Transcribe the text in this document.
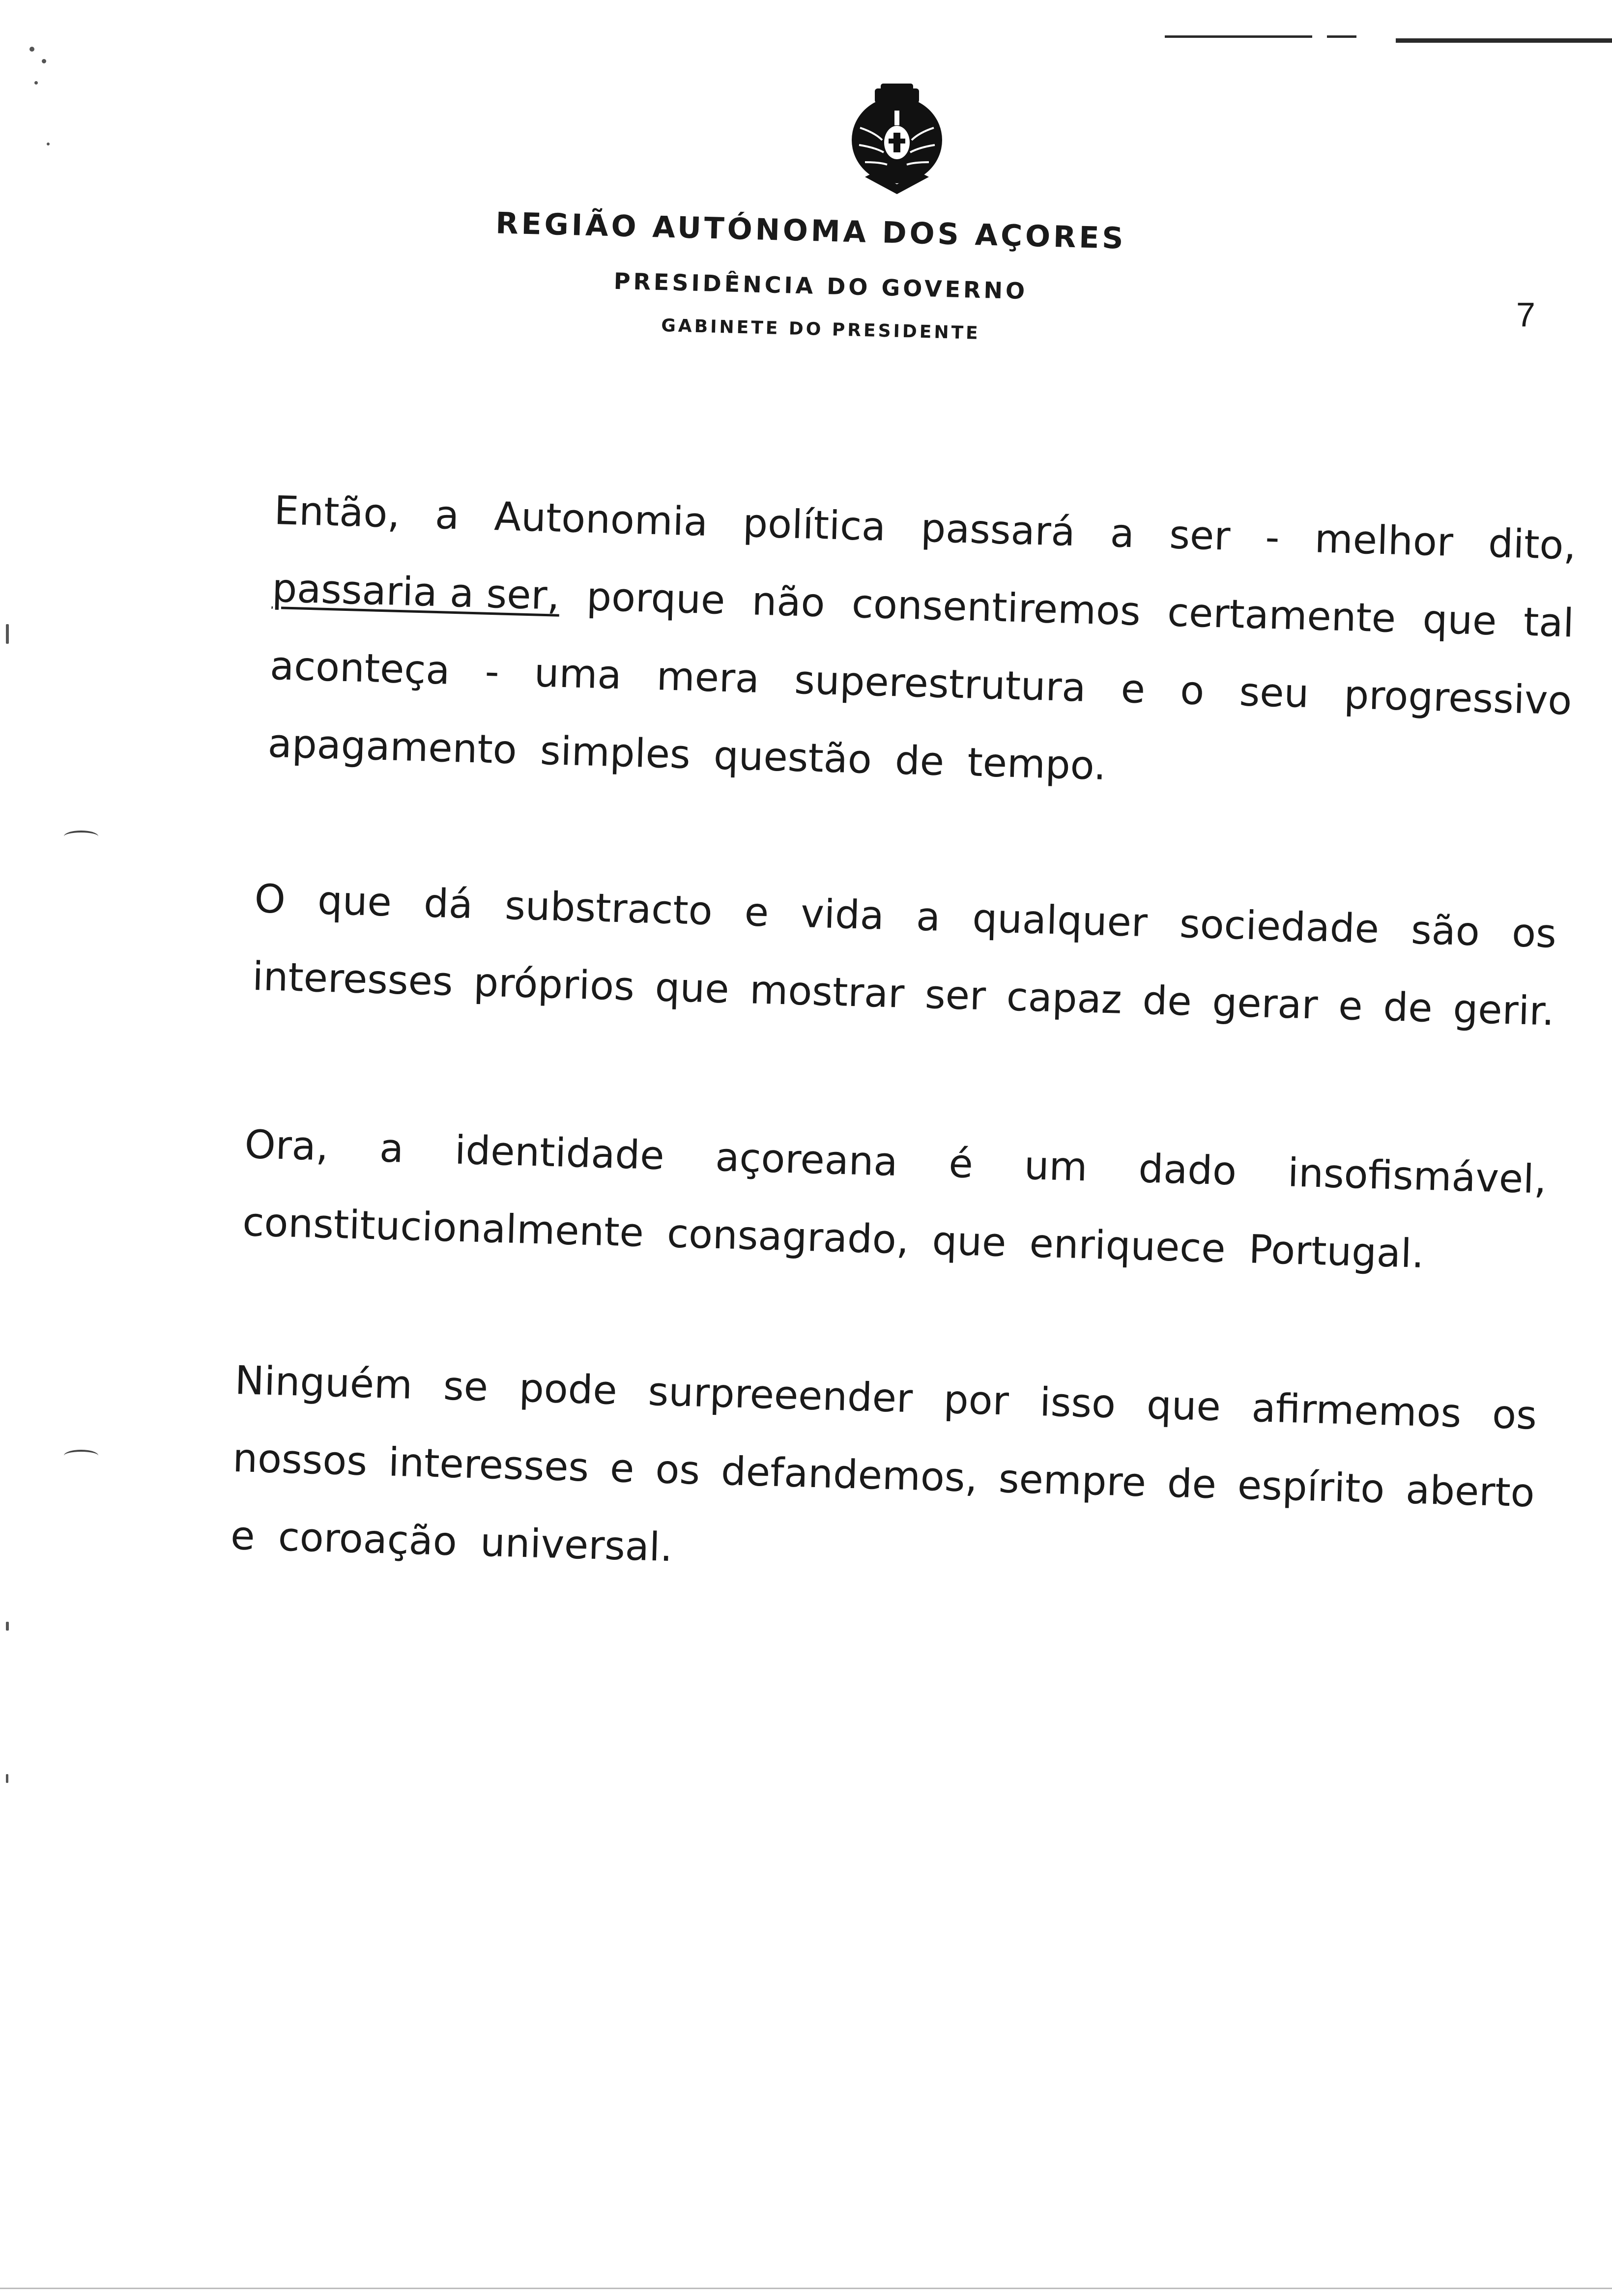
REGIÃO AUTÓNOMA DOS AÇORES
PRESIDÊNCIA DO GOVERNO
GABINETE DO PRESIDENTE	7
Então, a Autonomia política passará a ser - melhor dito,
passaria a ser, porque não consentiremos certamente que tal
aconteça - uma mera superestrutura e o seu progressivo
apagamento simples questão de tempo.
O que dá substracto e vida a qualquer sociedade são os
interesses próprios que mostrar ser capaz de gerar e de gerir.
Ora, a identidade açoreana é um dado insofismável,
constitucionalmente consagrado, que enriquece Portugal.
Ninguém se pode surpreeender por isso que afirmemos os
nossos interesses e os defandemos, sempre de espírito aberto
e coroação universal.
